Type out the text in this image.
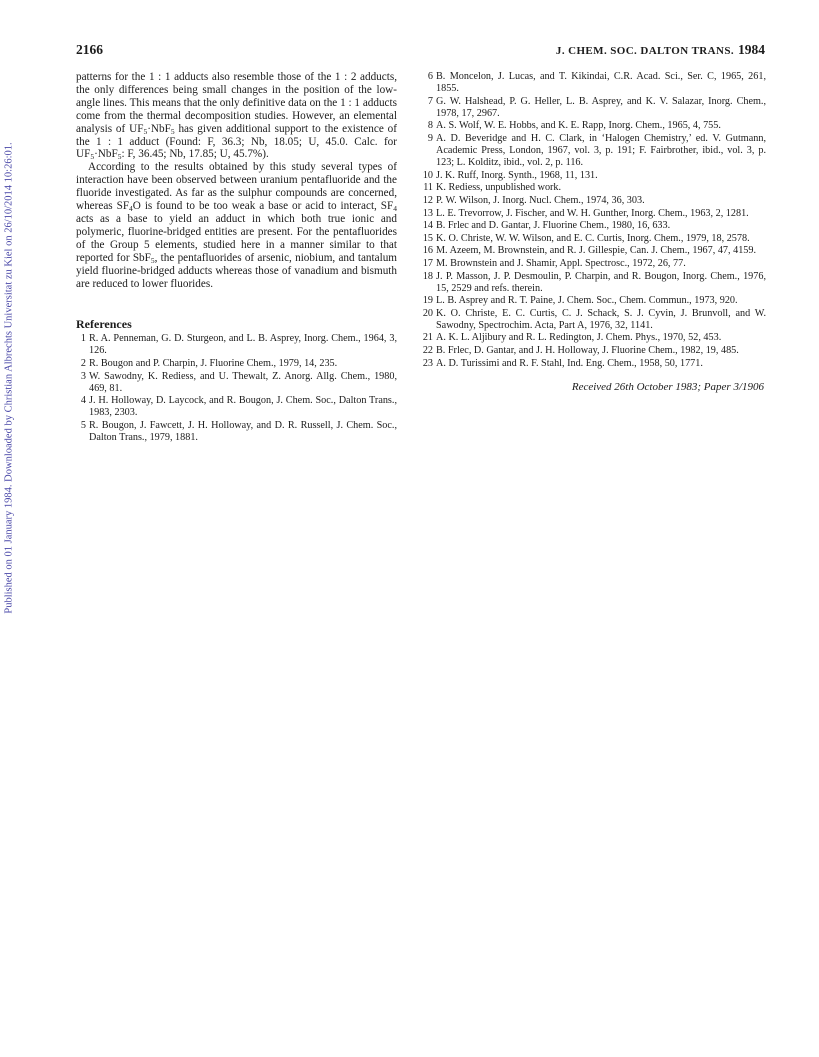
2166	J. CHEM. SOC. DALTON TRANS. 1984
Published on 01 January 1984. Downloaded by Christian Albrechts Universitat zu Kiel on 26/10/2014 10:26:01.

patterns for the 1 : 1 adducts also resemble those of the 1 : 2 adducts, the only differences being small changes in the position of the low-angle lines. This means that the only definitive data on the 1 : 1 adducts come from the thermal decomposition studies. However, an elemental analysis of $UF_5\cdot NbF_5$ has given additional support to the existence of the 1 : 1 adduct (Found: F, 36.3; Nb, 18.05; U, 45.0. Calc. for $UF_5\cdot NbF_5$: F, 36.45; Nb, 17.85; U, 45.7%).

According to the results obtained by this study several types of interaction have been observed between uranium pentafluoride and the fluoride investigated. As far as the sulphur compounds are concerned, whereas $SF_4O$ is found to be too weak a base or acid to interact, $SF_4$ acts as a base to yield an adduct in which both true ionic and polymeric, fluorine-bridged entities are present. For the pentafluorides of the Group 5 elements, studied here in a manner similar to that reported for SbF$_5$, the pentafluorides of arsenic, niobium, and tantalum yield fluorine-bridged adducts whereas those of vanadium and bismuth are reduced to lower fluorides.

References
1 R. A. Penneman, G. D. Sturgeon, and L. B. Asprey, Inorg. Chem., 1964, 3, 126.
2 R. Bougon and P. Charpin, J. Fluorine Chem., 1979, 14, 235.
3 W. Sawodny, K. Rediess, and U. Thewalt, Z. Anorg. Allg. Chem., 1980, 469, 81.
4 J. H. Holloway, D. Laycock, and R. Bougon, J. Chem. Soc., Dalton Trans., 1983, 2303.
5 R. Bougon, J. Fawcett, J. H. Holloway, and D. R. Russell, J. Chem. Soc., Dalton Trans., 1979, 1881.
6 B. Moncelon, J. Lucas, and T. Kikindai, C.R. Acad. Sci., Ser. C, 1965, 261, 1855.
7 G. W. Halshead, P. G. Heller, L. B. Asprey, and K. V. Salazar, Inorg. Chem., 1978, 17, 2967.
8 A. S. Wolf, W. E. Hobbs, and K. E. Rapp, Inorg. Chem., 1965, 4, 755.
9 A. D. Beveridge and H. C. Clark, in ‘Halogen Chemistry,’ ed. V. Gutmann, Academic Press, London, 1967, vol. 3, p. 191; F. Fairbrother, ibid., vol. 3, p. 123; L. Kolditz, ibid., vol. 2, p. 116.
10 J. K. Ruff, Inorg. Synth., 1968, 11, 131.
11 K. Rediess, unpublished work.
12 P. W. Wilson, J. Inorg. Nucl. Chem., 1974, 36, 303.
13 L. E. Trevorrow, J. Fischer, and W. H. Gunther, Inorg. Chem., 1963, 2, 1281.
14 B. Frlec and D. Gantar, J. Fluorine Chem., 1980, 16, 633.
15 K. O. Christe, W. W. Wilson, and E. C. Curtis, Inorg. Chem., 1979, 18, 2578.
16 M. Azeem, M. Brownstein, and R. J. Gillespie, Can. J. Chem., 1967, 47, 4159.
17 M. Brownstein and J. Shamir, Appl. Spectrosc., 1972, 26, 77.
18 J. P. Masson, J. P. Desmoulin, P. Charpin, and R. Bougon, Inorg. Chem., 1976, 15, 2529 and refs. therein.
19 L. B. Asprey and R. T. Paine, J. Chem. Soc., Chem. Commun., 1973, 920.
20 K. O. Christe, E. C. Curtis, C. J. Schack, S. J. Cyvin, J. Brunvoll, and W. Sawodny, Spectrochim. Acta, Part A, 1976, 32, 1141.
21 A. K. L. Aljibury and R. L. Redington, J. Chem. Phys., 1970, 52, 453.
22 B. Frlec, D. Gantar, and J. H. Holloway, J. Fluorine Chem., 1982, 19, 485.
23 A. D. Turissimi and R. F. Stahl, Ind. Eng. Chem., 1958, 50, 1771.
Received 26th October 1983; Paper 3/1906
